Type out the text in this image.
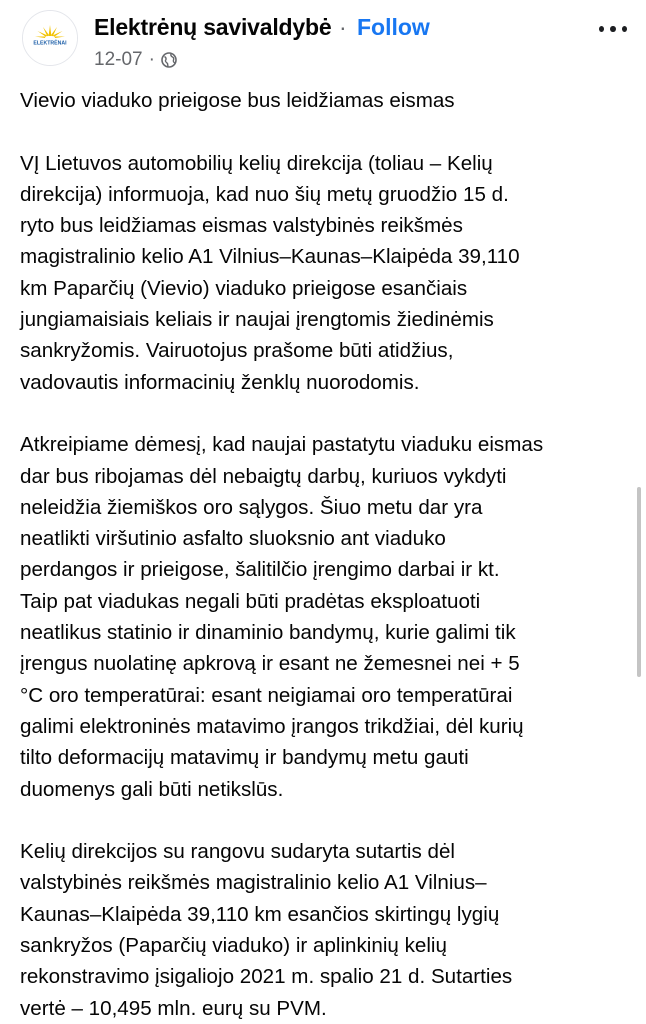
ELEKTRĖNAI
Elektrėnų savivaldybė · Follow
12-07 ·
Vievio viaduko prieigose bus leidžiamas eismas
VĮ Lietuvos automobilių kelių direkcija (toliau – Kelių
direkcija) informuoja, kad nuo šių metų gruodžio 15 d.
ryto bus leidžiamas eismas valstybinės reikšmės
magistralinio kelio A1 Vilnius–Kaunas–Klaipėda 39,110
km Paparčių (Vievio) viaduko prieigose esančiais
jungiamaisiais keliais ir naujai įrengtomis žiedinėmis
sankryžomis. Vairuotojus prašome būti atidžius,
vadovautis informacinių ženklų nuorodomis.
Atkreipiame dėmesį, kad naujai pastatytu viaduku eismas
dar bus ribojamas dėl nebaigtų darbų, kuriuos vykdyti
neleidžia žiemiškos oro sąlygos. Šiuo metu dar yra
neatlikti viršutinio asfalto sluoksnio ant viaduko
perdangos ir prieigose, šalitilčio įrengimo darbai ir kt.
Taip pat viadukas negali būti pradėtas eksploatuoti
neatlikus statinio ir dinaminio bandymų, kurie galimi tik
įrengus nuolatinę apkrovą ir esant ne žemesnei nei + 5
°C oro temperatūrai: esant neigiamai oro temperatūrai
galimi elektroninės matavimo įrangos trikdžiai, dėl kurių
tilto deformacijų matavimų ir bandymų metu gauti
duomenys gali būti netikslūs.
Kelių direkcijos su rangovu sudaryta sutartis dėl
valstybinės reikšmės magistralinio kelio A1 Vilnius–
Kaunas–Klaipėda 39,110 km esančios skirtingų lygių
sankryžos (Paparčių viaduko) ir aplinkinių kelių
rekonstravimo įsigaliojo 2021 m. spalio 21 d. Sutarties
vertė – 10,495 mln. eurų su PVM.
